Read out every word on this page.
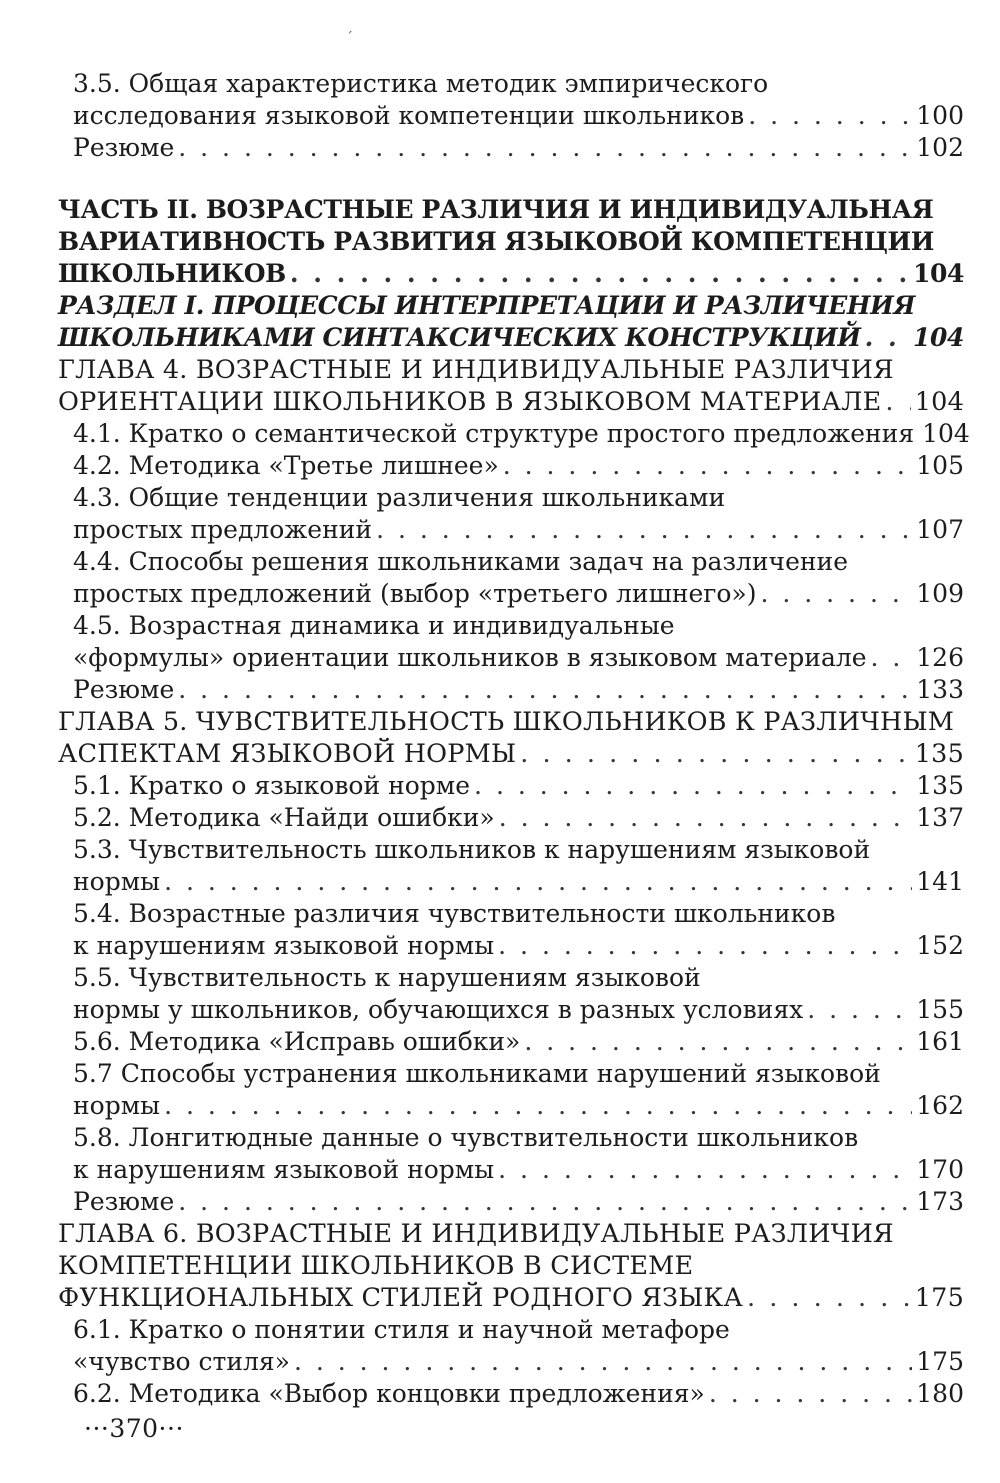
ˊ
3.5. Общая характеристика методик эмпирического
исследования языковой компетенции школьников . . .	100
Резюме . . .	102
ЧАСТЬ II. ВОЗРАСТНЫЕ РАЗЛИЧИЯ И ИНДИВИДУАЛЬНАЯ
ВАРИАТИВНОСТЬ РАЗВИТИЯ ЯЗЫКОВОЙ КОМПЕТЕНЦИИ
ШКОЛЬНИКОВ . . .	104
РАЗДЕЛ I. ПРОЦЕССЫ ИНТЕРПРЕТАЦИИ И РАЗЛИЧЕНИЯ
ШКОЛЬНИКАМИ СИНТАКСИЧЕСКИХ КОНСТРУКЦИЙ . . . 104
ГЛАВА 4. ВОЗРАСТНЫЕ И ИНДИВИДУАЛЬНЫЕ РАЗЛИЧИЯ
ОРИЕНТАЦИИ ШКОЛЬНИКОВ В ЯЗЫКОВОМ МАТЕРИАЛЕ . . . 104
4.1. Кратко о семантической структуре простого предложения 104
4.2. Методика «Третье лишнее» . . .	105
4.3. Общие тенденции различения школьниками
простых предложений . . .	107
4.4. Способы решения школьниками задач на различение
простых предложений (выбор «третьего лишнего») . . .	109
4.5. Возрастная динамика и индивидуальные
«формулы» ориентации школьников в языковом материале . . . 126
Резюме . . .	133
ГЛАВА 5. ЧУВСТВИТЕЛЬНОСТЬ ШКОЛЬНИКОВ К РАЗЛИЧНЫМ
АСПЕКТАМ ЯЗЫКОВОЙ НОРМЫ . . .	135
5.1. Кратко о языковой норме . . .	135
5.2. Методика «Найди ошибки» . . .	137
5.3. Чувствительность школьников к нарушениям языковой
нормы . . .	141
5.4. Возрастные различия чувствительности школьников
к нарушениям языковой нормы . . .	152
5.5. Чувствительность к нарушениям языковой
нормы у школьников, обучающихся в разных условиях . . .	155
5.6. Методика «Исправь ошибки» . . .	161
5.7 Способы устранения школьниками нарушений языковой
нормы . . .	162
5.8. Лонгитюдные данные о чувствительности школьников
к нарушениям языковой нормы . . .	170
Резюме . . .	173
ГЛАВА 6. ВОЗРАСТНЫЕ И ИНДИВИДУАЛЬНЫЕ РАЗЛИЧИЯ
КОМПЕТЕНЦИИ ШКОЛЬНИКОВ В СИСТЕМЕ
ФУНКЦИОНАЛЬНЫХ СТИЛЕЙ РОДНОГО ЯЗЫКА . . .	175
6.1. Кратко о понятии стиля и научной метафоре
«чувство стиля» . . .	175
6.2. Методика «Выбор концовки предложения» . . .	180
···370···
